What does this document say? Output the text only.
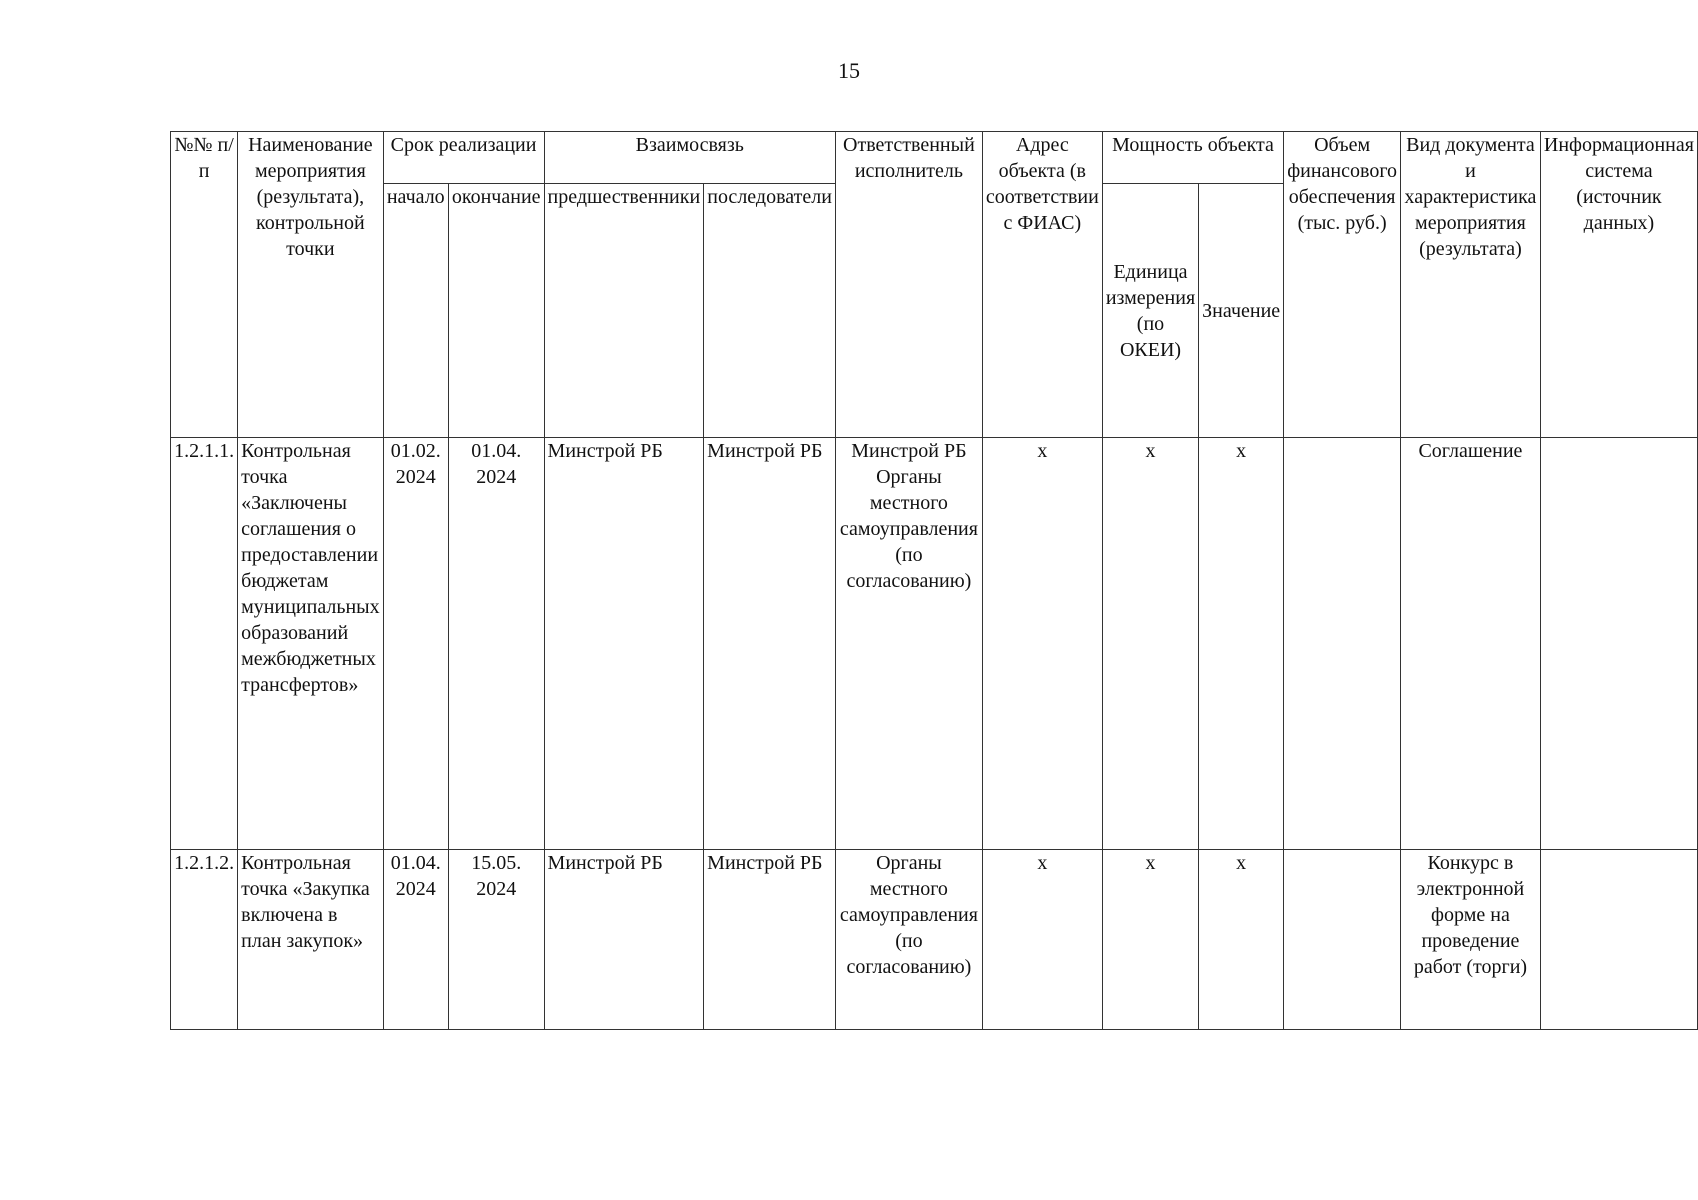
15
№№ п/п	Наименование мероприятия (результата), контрольной точки	Срок реализации		Взаимосвязь		Ответственный исполнитель	Адрес объекта (в соответствии с ФИАС)	Мощность объекта		Объем финансового обеспечения (тыс. руб.)	Вид документа и характеристика мероприятия (результата)	Информационная система (источник данных)

		начало	окончание	предшественники	последователи			Единица измерения (по ОКЕИ)	Значение			
1.2.1.1.	Контрольная точка «Заключены соглашения о предоставлении бюджетам муниципальных образований межбюджетных трансфертов»	01.02. 2024	01.04. 2024	Минстрой РБ	Минстрой РБ	Минстрой РБ Органы местного самоуправления (по согласованию)	x	x	x		Соглашение	
1.2.1.2.	Контрольная точка «Закупка включена в план закупок»	01.04. 2024	15.05. 2024	Минстрой РБ	Минстрой РБ	Органы местного самоуправления (по согласованию)	x	x	x		Конкурс в электронной форме на проведение работ (торги)	
